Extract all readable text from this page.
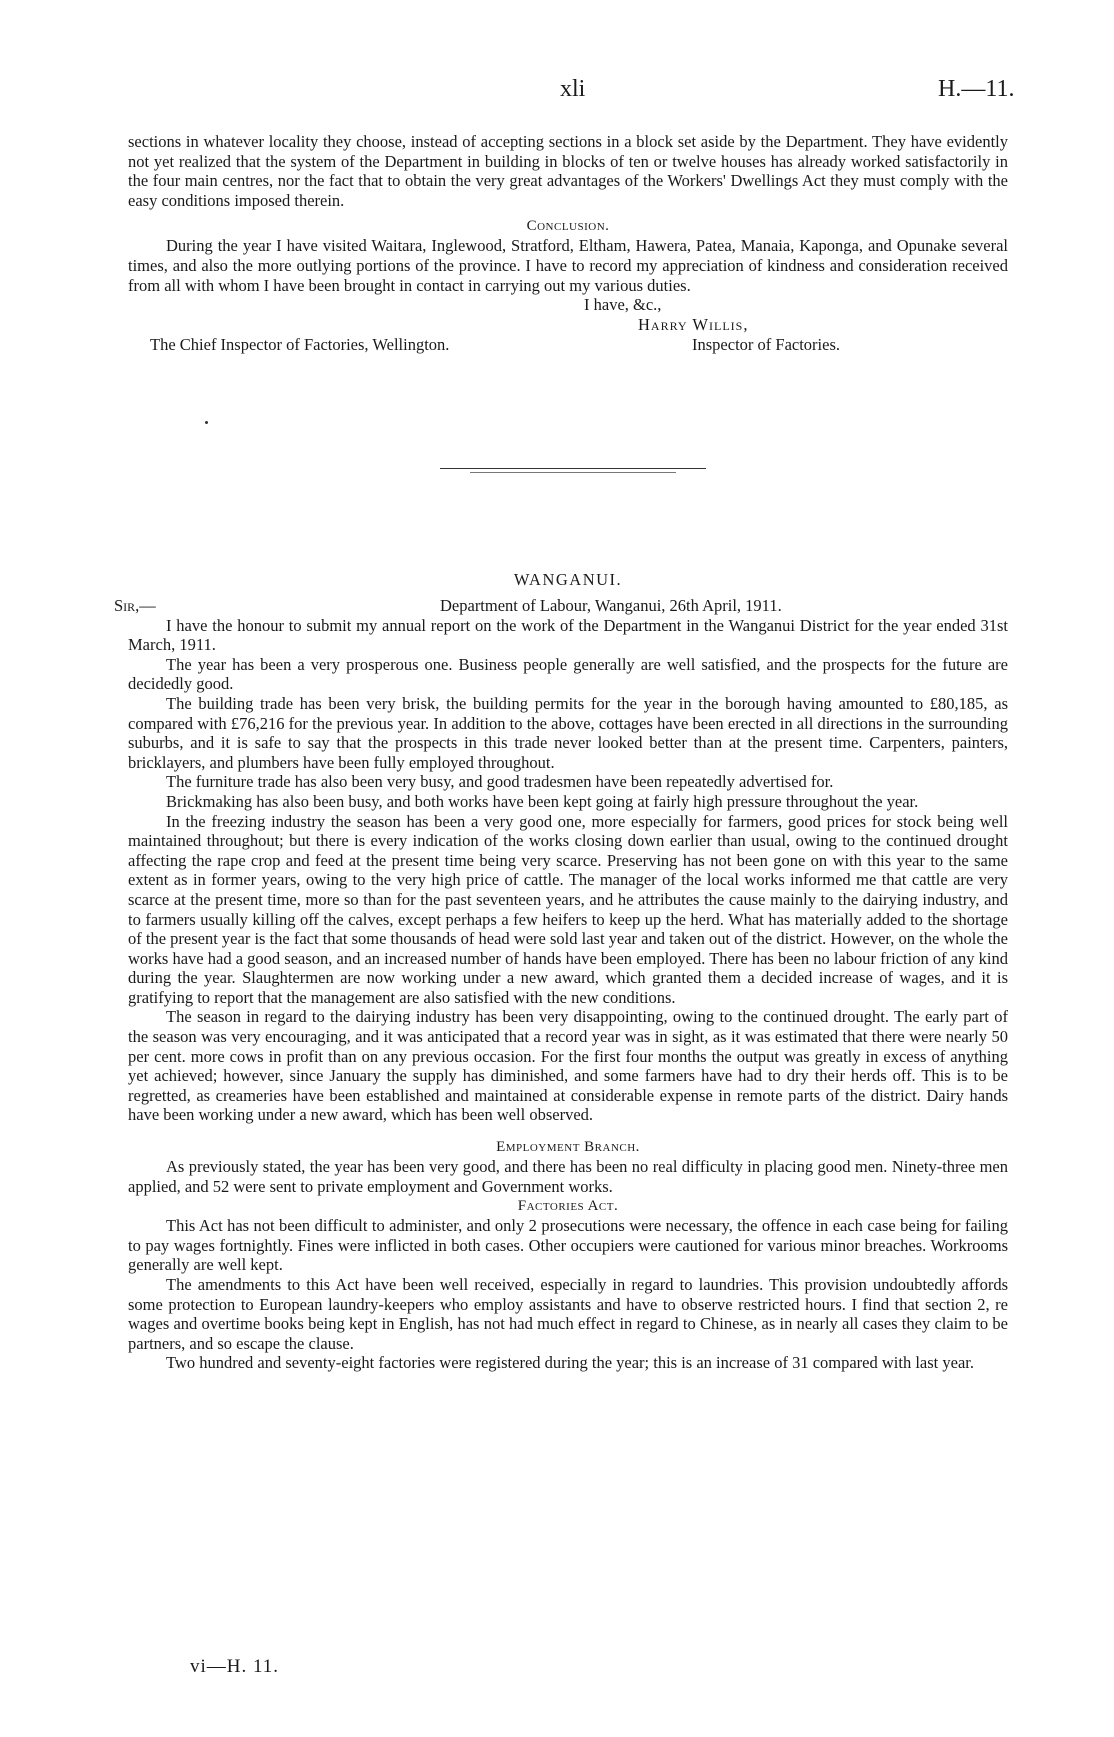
xli	H.—11.

sections in whatever locality they choose, instead of accepting sections in a block set aside by the Department. They have evidently not yet realized that the system of the Department in building in blocks of ten or twelve houses has already worked satisfactorily in the four main centres, nor the fact that to obtain the very great advantages of the Workers' Dwellings Act they must comply with the easy conditions imposed therein.

Conclusion.

During the year I have visited Waitara, Inglewood, Stratford, Eltham, Hawera, Patea, Manaia, Kaponga, and Opunake several times, and also the more outlying portions of the province. I have to record my appreciation of kindness and consideration received from all with whom I have been brought in contact in carrying out my various duties.

I have, &c.,
Harry Willis,
The Chief Inspector of Factories, Wellington.	Inspector of Factories.

WANGANUI.

Sir,—	Department of Labour, Wanganui, 26th April, 1911.

I have the honour to submit my annual report on the work of the Department in the Wanganui District for the year ended 31st March, 1911.

The year has been a very prosperous one. Business people generally are well satisfied, and the prospects for the future are decidedly good.

The building trade has been very brisk, the building permits for the year in the borough having amounted to £80,185, as compared with £76,216 for the previous year. In addition to the above, cottages have been erected in all directions in the surrounding suburbs, and it is safe to say that the prospects in this trade never looked better than at the present time. Carpenters, painters, bricklayers, and plumbers have been fully employed throughout.

The furniture trade has also been very busy, and good tradesmen have been repeatedly advertised for.

Brickmaking has also been busy, and both works have been kept going at fairly high pressure throughout the year.

In the freezing industry the season has been a very good one, more especially for farmers, good prices for stock being well maintained throughout; but there is every indication of the works closing down earlier than usual, owing to the continued drought affecting the rape crop and feed at the present time being very scarce. Preserving has not been gone on with this year to the same extent as in former years, owing to the very high price of cattle. The manager of the local works informed me that cattle are very scarce at the present time, more so than for the past seventeen years, and he attributes the cause mainly to the dairying industry, and to farmers usually killing off the calves, except perhaps a few heifers to keep up the herd. What has materially added to the shortage of the present year is the fact that some thousands of head were sold last year and taken out of the district. However, on the whole the works have had a good season, and an increased number of hands have been employed. There has been no labour friction of any kind during the year. Slaughtermen are now working under a new award, which granted them a decided increase of wages, and it is gratifying to report that the management are also satisfied with the new conditions.

The season in regard to the dairying industry has been very disappointing, owing to the continued drought. The early part of the season was very encouraging, and it was anticipated that a record year was in sight, as it was estimated that there were nearly 50 per cent. more cows in profit than on any previous occasion. For the first four months the output was greatly in excess of anything yet achieved; however, since January the supply has diminished, and some farmers have had to dry their herds off. This is to be regretted, as creameries have been established and maintained at considerable expense in remote parts of the district. Dairy hands have been working under a new award, which has been well observed.

Employment Branch.

As previously stated, the year has been very good, and there has been no real difficulty in placing good men. Ninety-three men applied, and 52 were sent to private employment and Government works.

Factories Act.

This Act has not been difficult to administer, and only 2 prosecutions were necessary, the offence in each case being for failing to pay wages fortnightly. Fines were inflicted in both cases. Other occupiers were cautioned for various minor breaches. Workrooms generally are well kept.

The amendments to this Act have been well received, especially in regard to laundries. This provision undoubtedly affords some protection to European laundry-keepers who employ assistants and have to observe restricted hours. I find that section 2, re wages and overtime books being kept in English, has not had much effect in regard to Chinese, as in nearly all cases they claim to be partners, and so escape the clause.

Two hundred and seventy-eight factories were registered during the year; this is an increase of 31 compared with last year.

vi—H. 11.
